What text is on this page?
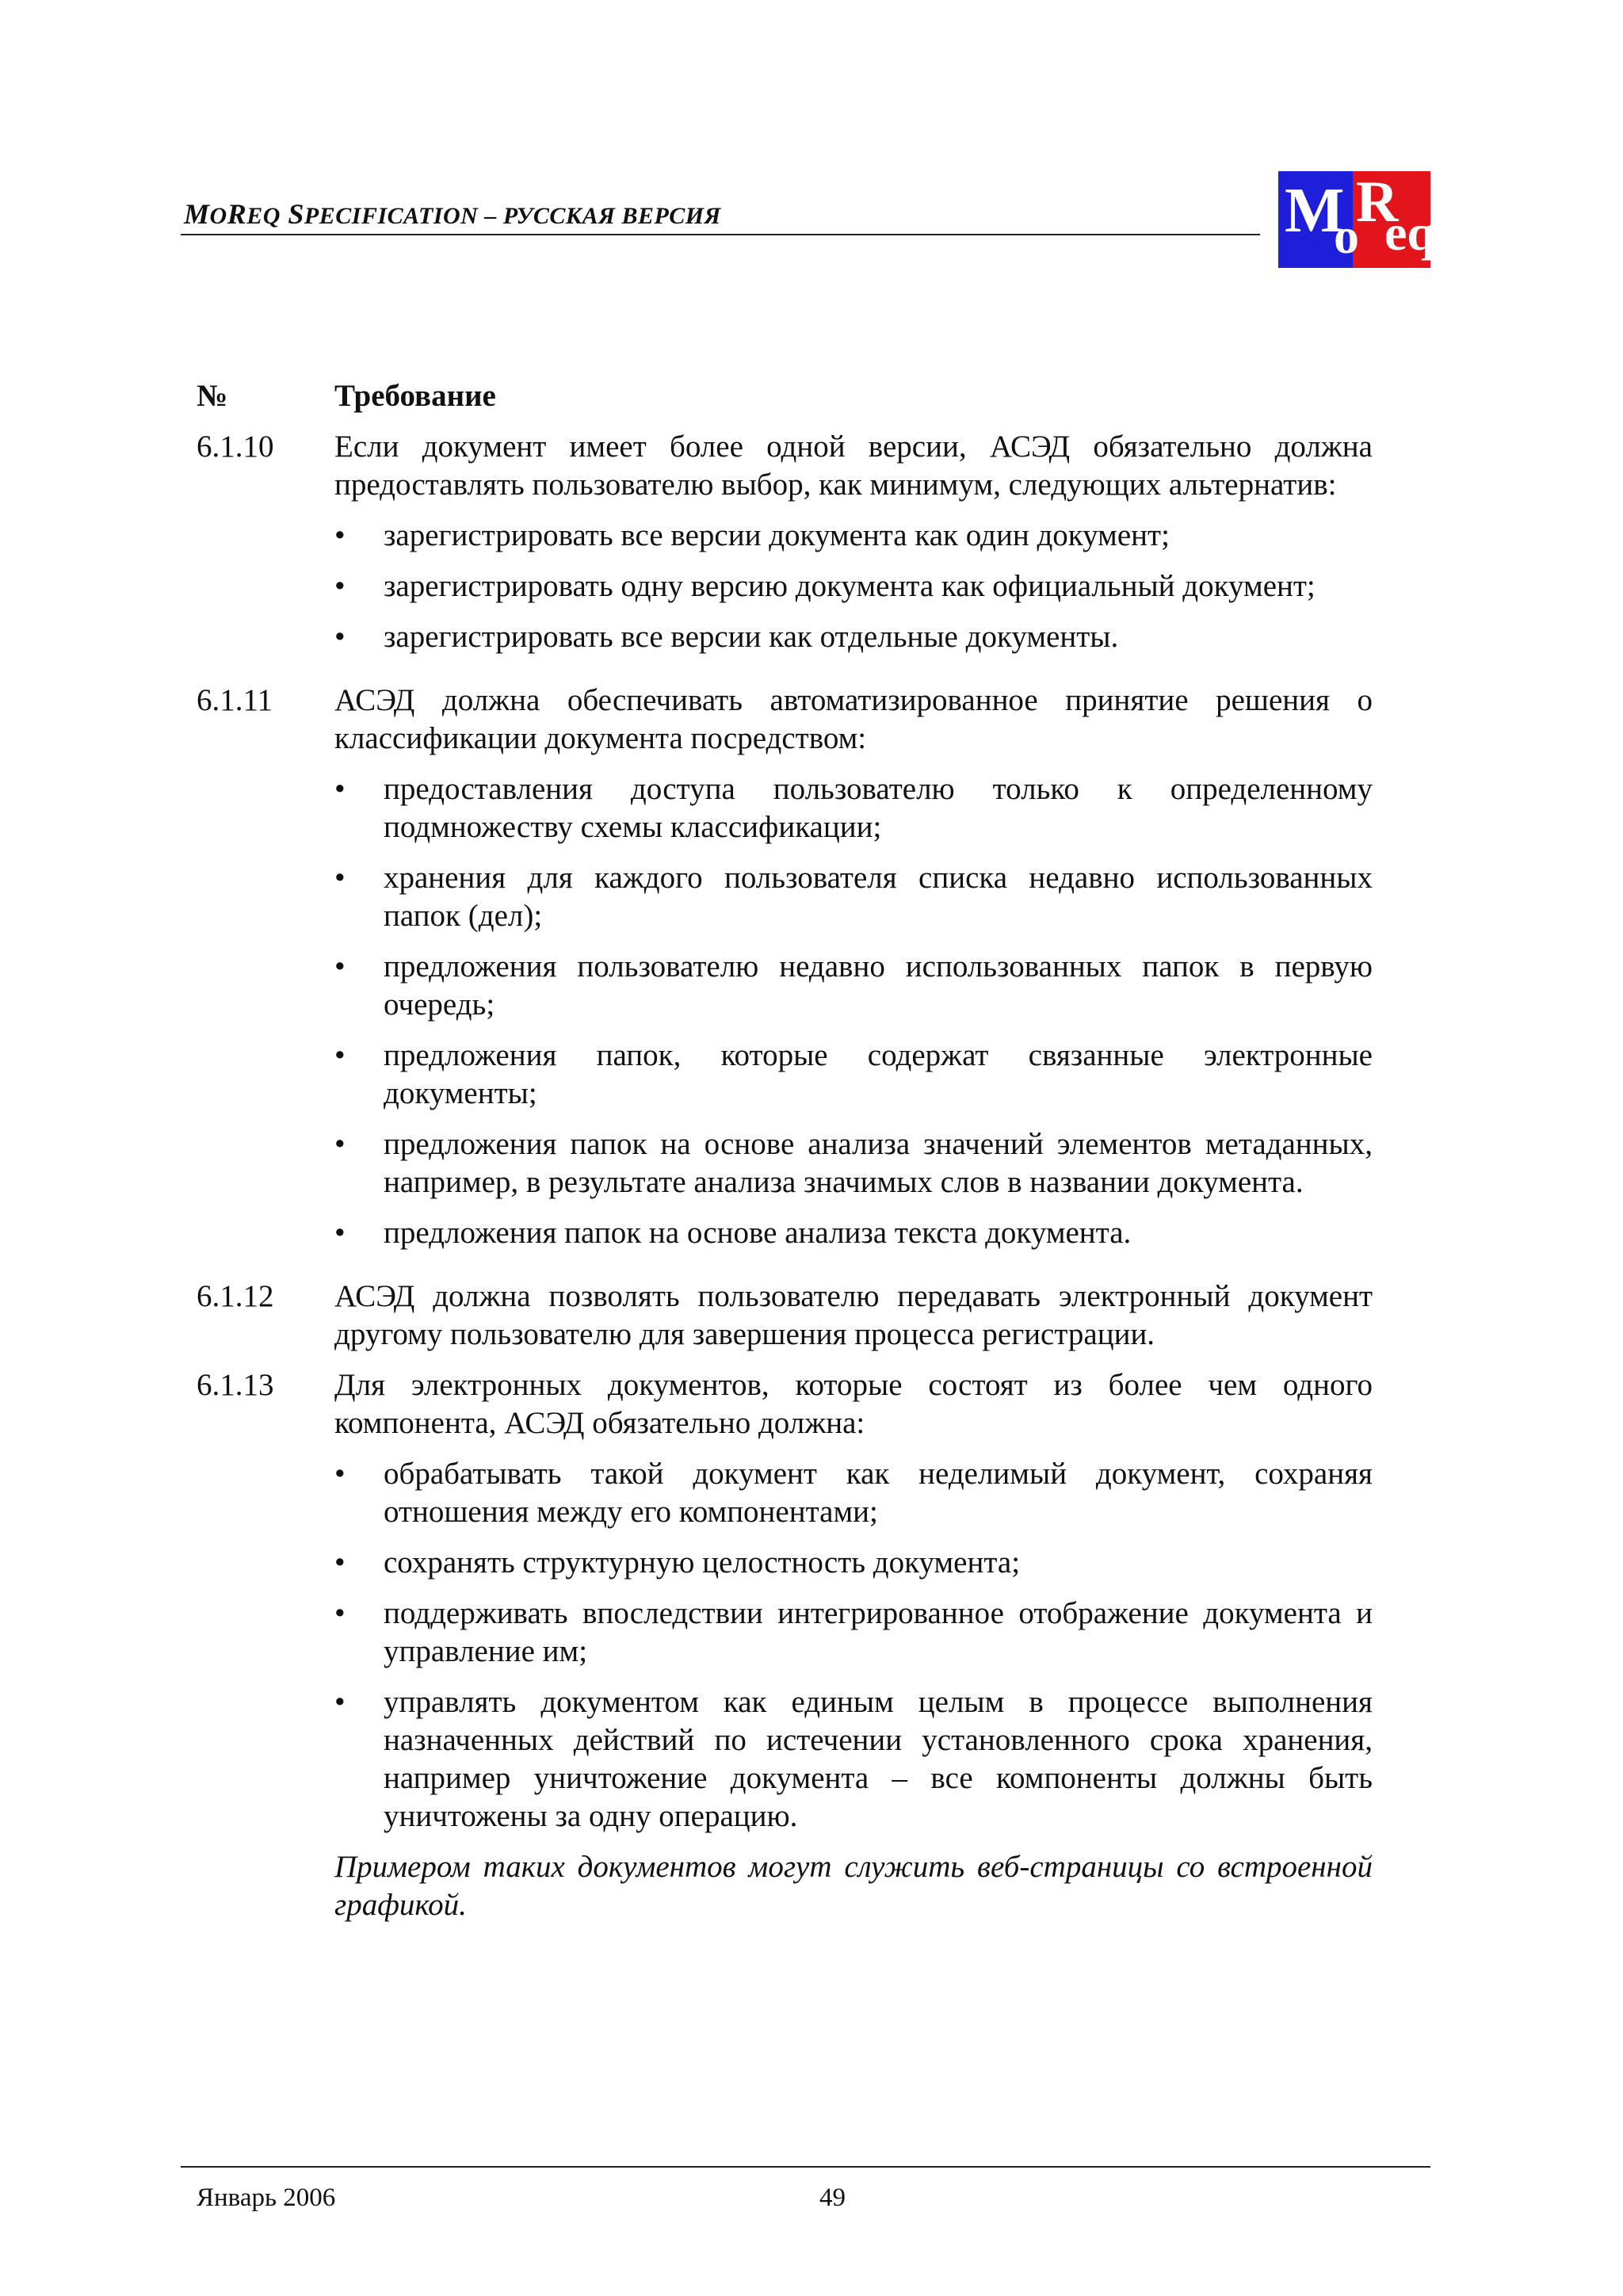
MOREQ SPECIFICATION – РУССКАЯ ВЕРСИЯ	M
o
R
eq
№	Требование
6.1.10	Если документ имеет более одной версии, АСЭД обязательно должна предоставлять пользователю выбор, как минимум, следующих альтернатив:
• зарегистрировать все версии документа как один документ;
• зарегистрировать одну версию документа как официальный документ;
• зарегистрировать все версии как отдельные документы.
6.1.11	АСЭД должна обеспечивать автоматизированное принятие решения о классификации документа посредством:
• предоставления доступа пользователю только к определенному подмножеству схемы классификации;
• хранения для каждого пользователя списка недавно использованных папок (дел);
• предложения пользователю недавно использованных папок в первую очередь;
• предложения папок, которые содержат связанные электронные документы;
• предложения папок на основе анализа значений элементов метаданных, например, в результате анализа значимых слов в названии документа.
• предложения папок на основе анализа текста документа.
6.1.12	АСЭД должна позволять пользователю передавать электронный документ другому пользователю для завершения процесса регистрации.
6.1.13	Для электронных документов, которые состоят из более чем одного компонента, АСЭД обязательно должна:
• обрабатывать такой документ как неделимый документ, сохраняя отношения между его компонентами;
• сохранять структурную целостность документа;
• поддерживать впоследствии интегрированное отображение документа и управление им;
• управлять документом как единым целым в процессе выполнения назначенных действий по истечении установленного срока хранения, например уничтожение документа – все компоненты должны быть уничтожены за одну операцию.
Примером таких документов могут служить веб-страницы со встроенной графикой.
Январь 2006	49
